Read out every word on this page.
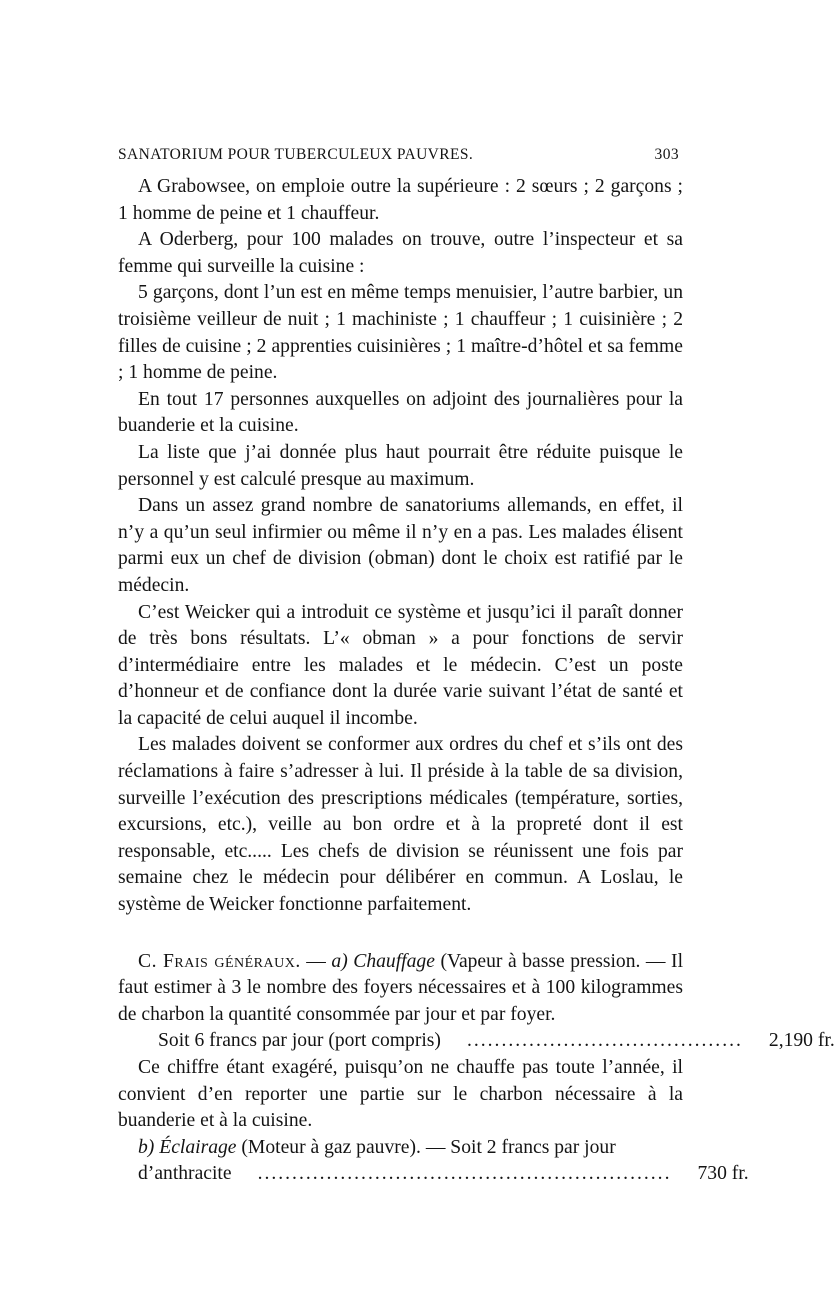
SANATORIUM POUR TUBERCULEUX PAUVRES.	303

A Grabowsee, on emploie outre la supérieure : 2 sœurs ; 2 garçons ; 1 homme de peine et 1 chauffeur.

A Oderberg, pour 100 malades on trouve, outre l’inspecteur et sa femme qui surveille la cuisine :

5 garçons, dont l’un est en même temps menuisier, l’autre barbier, un troisième veilleur de nuit ; 1 machiniste ; 1 chauffeur ; 1 cuisinière ; 2 filles de cuisine ; 2 apprenties cuisinières ; 1 maître-d’hôtel et sa femme ; 1 homme de peine.

En tout 17 personnes auxquelles on adjoint des journalières pour la buanderie et la cuisine.

La liste que j’ai donnée plus haut pourrait être réduite puisque le personnel y est calculé presque au maximum.

Dans un assez grand nombre de sanatoriums allemands, en effet, il n’y a qu’un seul infirmier ou même il n’y en a pas. Les malades élisent parmi eux un chef de division (obman) dont le choix est ratifié par le médecin.

C’est Weicker qui a introduit ce système et jusqu’ici il paraît donner de très bons résultats. L’« obman » a pour fonctions de servir d’intermédiaire entre les malades et le médecin. C’est un poste d’honneur et de confiance dont la durée varie suivant l’état de santé et la capacité de celui auquel il incombe.

Les malades doivent se conformer aux ordres du chef et s’ils ont des réclamations à faire s’adresser à lui. Il préside à la table de sa division, surveille l’exécution des prescriptions médicales (température, sorties, excursions, etc.), veille au bon ordre et à la propreté dont il est responsable, etc..... Les chefs de division se réunissent une fois par semaine chez le médecin pour délibérer en commun. A Loslau, le système de Weicker fonctionne parfaitement.

C. Frais généraux. — a) Chauffage (Vapeur à basse pression. — Il faut estimer à 3 le nombre des foyers nécessaires et à 100 kilogrammes de charbon la quantité consommée par jour et par foyer.

Soit 6 francs par jour (port compris)	........................................	2,190 fr.

Ce chiffre étant exagéré, puisqu’on ne chauffe pas toute l’année, il convient d’en reporter une partie sur le charbon nécessaire à la buanderie et à la cuisine.

b) Éclairage (Moteur à gaz pauvre). — Soit 2 francs par jour

d’anthracite	............................................................	730 fr.
